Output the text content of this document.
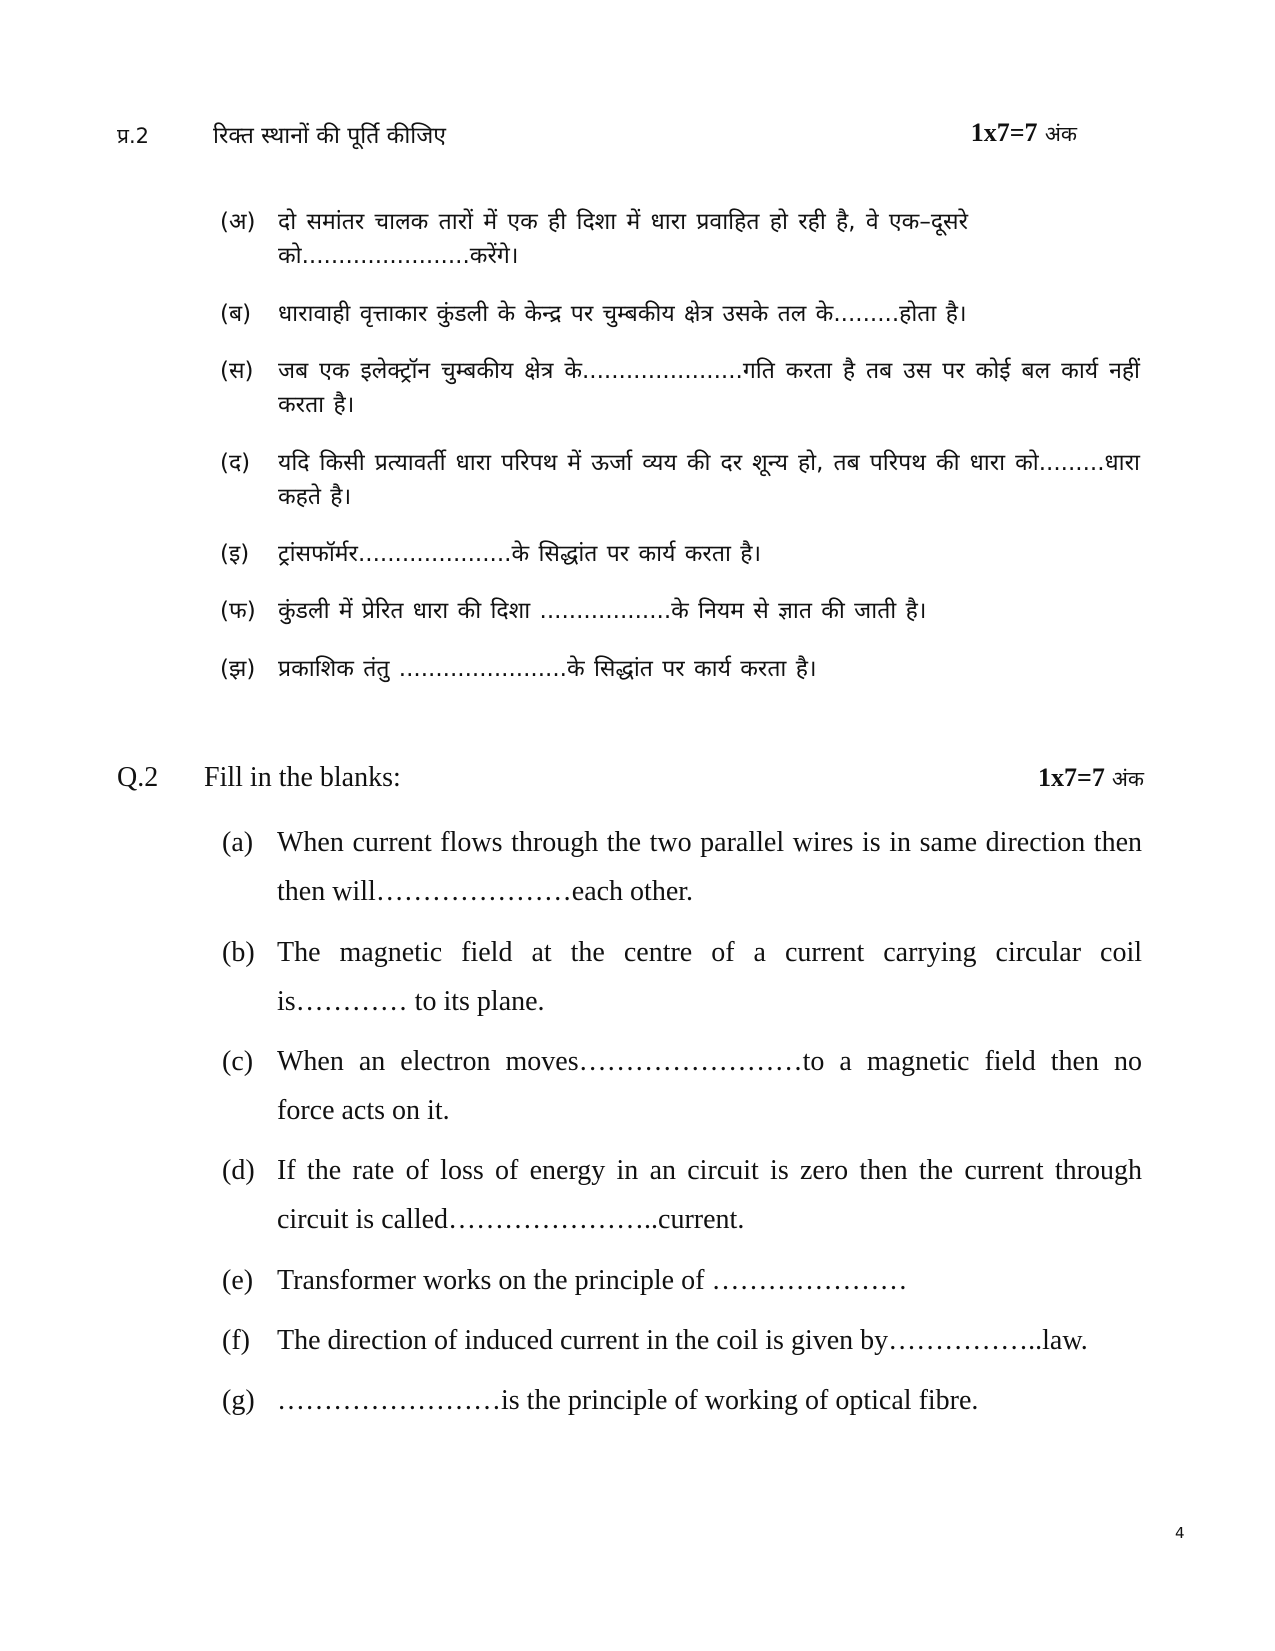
प्र.2	रिक्त स्थानों की पूर्ति कीजिए	1x7=7 अंक
(अ) दो समांतर चालक तारों में एक ही दिशा में धारा प्रवाहित हो रही है, वे एक–दूसरे को.......................करेंगे।
(ब) धारावाही वृत्ताकार कुंडली के केन्द्र पर चुम्बकीय क्षेत्र उसके तल के.........होता है।
(स) जब एक इलेक्ट्रॉन चुम्बकीय क्षेत्र के......................गति करता है तब उस पर कोई बल कार्य नहीं करता है।
(द) यदि किसी प्रत्यावर्ती धारा परिपथ में ऊर्जा व्यय की दर शून्य हो, तब परिपथ की धारा को.........धारा कहते है।
(इ) ट्रांसफॉर्मर.....................के सिद्धांत पर कार्य करता है।
(फ) कुंडली में प्रेरित धारा की दिशा ..................के नियम से ज्ञात की जाती है।
(झ) प्रकाशिक तंतु .......................के सिद्धांत पर कार्य करता है।
Q.2 Fill in the blanks:	1x7=7 अंक
(a) When current flows through the two parallel wires is in same direction then then will…………………each other.
(b) The magnetic field at the centre of a current carrying circular coil is………… to its plane.
(c) When an electron moves……………………to a magnetic field then no force acts on it.
(d) If the rate of loss of energy in an circuit is zero then the current through circuit is called…………………..current.
(e) Transformer works on the principle of …………………
(f) The direction of induced current in the coil is given by……………..law.
(g) ……………………is the principle of working of optical fibre.
4
